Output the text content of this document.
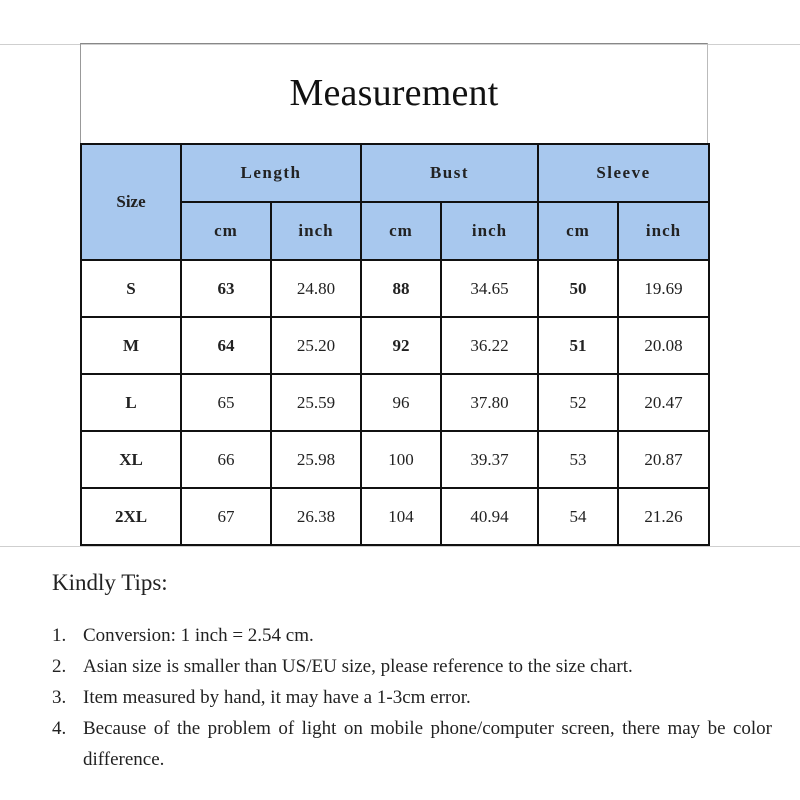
Measurement
Size	Length		Bust		Sleeve	
	cm	inch	cm	inch	cm	inch
S	63	24.80	88	34.65	50	19.69
M	64	25.20	92	36.22	51	20.08
L	65	25.59	96	37.80	52	20.47
XL	66	25.98	100	39.37	53	20.87
2XL	67	26.38	104	40.94	54	21.26
Kindly Tips:
1. Conversion: 1 inch = 2.54 cm.
2. Asian size is smaller than US/EU size, please reference to the size chart.
3. Item measured by hand, it may have a 1-3cm error.
4. Because of the problem of light on mobile phone/computer screen, there may be color difference.
